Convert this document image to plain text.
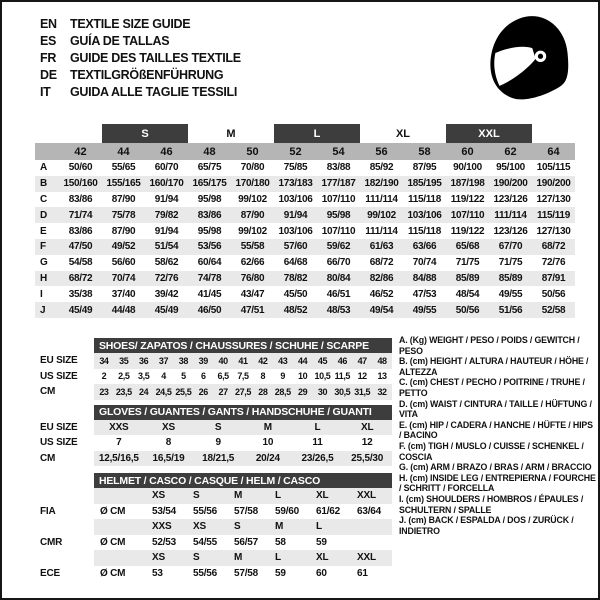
EN	TEXTILE SIZE GUIDE
ES	GUÍA DE TALLAS
FR	GUIDE DES TAILLES TEXTILE
DE	TEXTILGRÖßENFÜHRUNG
IT	GUIDA ALLE TAGLIE TESSILI
S	M	L	XL	XXL
42	44	46	48	50	52	54	56	58	60	62	64
A	50/60	55/65	60/70	65/75	70/80	75/85	83/88	85/92	87/95	90/100	95/100	105/115
B	150/160 155/165 160/170 165/175 170/180 173/183 177/187 182/190 185/195 187/198 190/200 190/200
C	83/86	87/90	91/94	95/98	99/102	103/106 107/110	111/114	115/118 119/122 123/126 127/130
D	71/74	75/78	79/82	83/86	87/90	91/94	95/98	99/102	103/106 107/110	111/114	115/119
E	83/86	87/90	91/94	95/98	99/102	103/106 107/110	111/114	115/118 119/122 123/126 127/130
F	47/50	49/52	51/54	53/56	55/58	57/60	59/62	61/63	63/66	65/68	67/70	68/72
G	54/58	56/60	58/62	60/64	62/66	64/68	66/70	68/72	70/74	71/75	71/75	72/76
H	68/72	70/74	72/76	74/78	76/80	78/82	80/84	82/86	84/88	85/89	85/89	87/91
I	35/38	37/40	39/42	41/45	43/47	45/50	46/51	46/52	47/53	48/54	49/55	50/56
J	45/49	44/48	45/49	46/50	47/51	48/52	48/53	49/54	49/55	50/56	51/56	52/58
SHOES/ ZAPATOS / CHAUSSURES / SCHUHE / SCARPE
EU SIZE	34	35	36	37	38	39	40	41	42	43	44	45	46	47	48
US SIZE	2	2,5 3,5	4	5	6	6,5 7,5	8	9	10 10,5 11,5 12	13
CM	23 23,5 24 24,5 25,5 26	27 27,5 28 28,5 29	30 30,5 31,5 32
GLOVES / GUANTES / GANTS / HANDSCHUHE / GUANTI
EU SIZE	XXS	XS	S	M	L	XL
US SIZE	7	8	9	10	11	12
CM	12,5/16,5	16,5/19	18/21,5	20/24	23/26,5	25,5/30
HELMET / CASCO / CASQUE / HELM / CASCO
XS	S	M	L	XL	XXL
FIA	Ø CM	53/54	55/56	57/58	59/60	61/62	63/64
XXS	XS	S	M	L
CMR	Ø CM	52/53	54/55	56/57	58	59
XS	S	M	L	XL	XXL
ECE	Ø CM	53	55/56	57/58	59	60	61
A. (Kg) WEIGHT / PESO / POIDS / GEWITCH / PESO
B. (cm) HEIGHT / ALTURA / HAUTEUR / HÖHE / ALTEZZA
C. (cm) CHEST / PECHO / POITRINE / TRUHE / PETTO
D. (cm) WAIST / CINTURA / TAILLE / HÜFTUNG / VITA
E. (cm) HIP / CADERA / HANCHE / HÜFTE / HIPS / BACINO
F. (cm) TIGH / MUSLO / CUISSE / SCHENKEL / COSCIA
G. (cm) ARM / BRAZO / BRAS / ARM / BRACCIO
H. (cm) INSIDE LEG / ENTREPIERNA / FOURCHE / SCHRITT / FORCELLA
I. (cm) SHOULDERS / HOMBROS / ÉPAULES / SCHULTERN / SPALLE
J. (cm) BACK / ESPALDA / DOS / ZURÜCK / INDIETRO
